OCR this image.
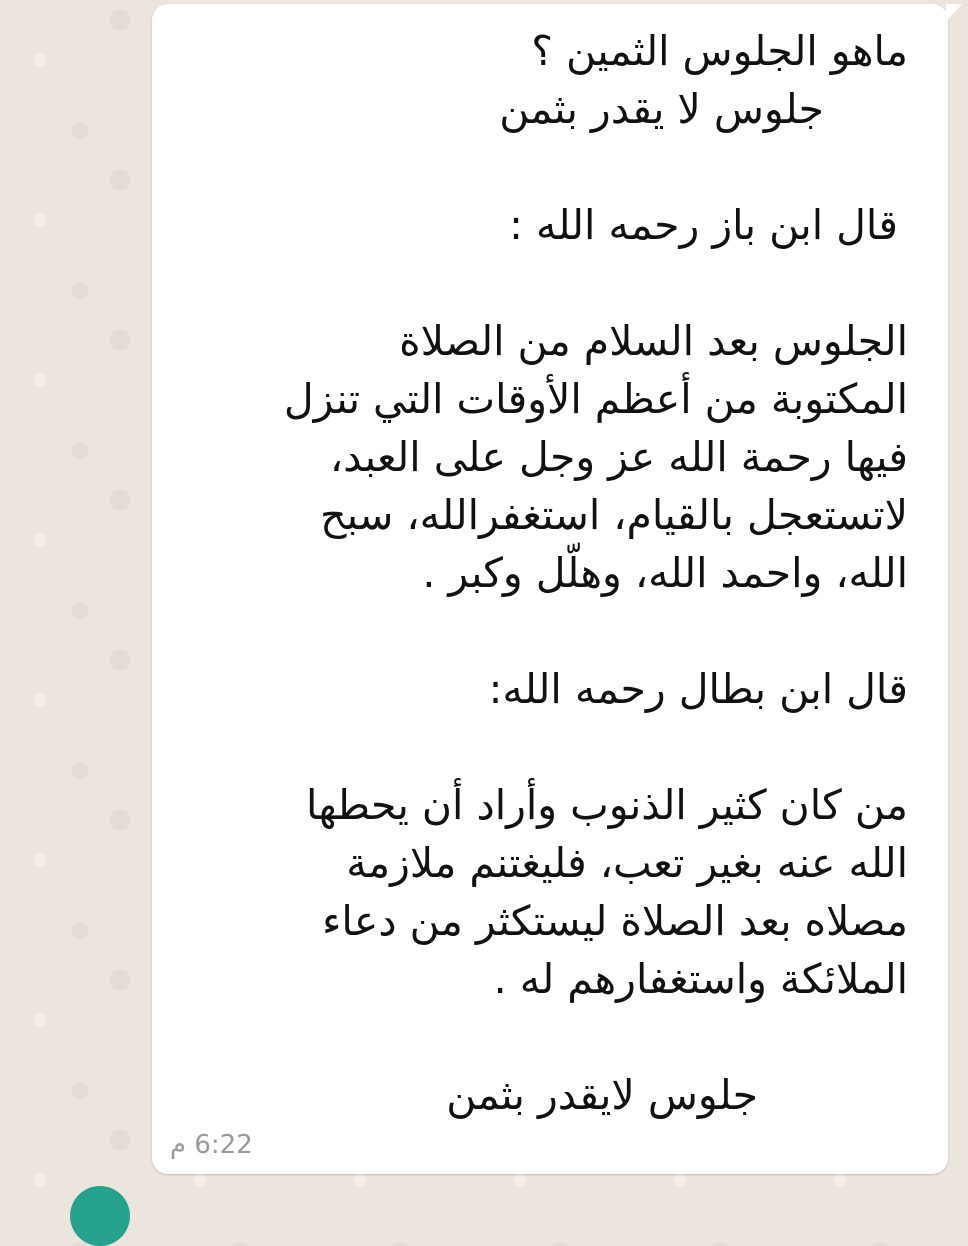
ماهو الجلوس الثمين ؟
جلوس لا يقدر بثمن
قال ابن باز رحمه الله :
الجلوس بعد السلام من الصلاة
المكتوبة من أعظم الأوقات التي تنزل
فيها رحمة الله عز وجل على العبد،
لاتستعجل بالقيام، استغفرالله، سبح
الله، واحمد الله، وهلّل وكبر .
قال ابن بطال رحمه الله:
من كان كثير الذنوب وأراد أن يحطها
الله عنه بغير تعب، فليغتنم ملازمة
مصلاه بعد الصلاة ليستكثر من دعاء
الملائكة واستغفارهم له .
جلوس لايقدر بثمن
6:22 م
